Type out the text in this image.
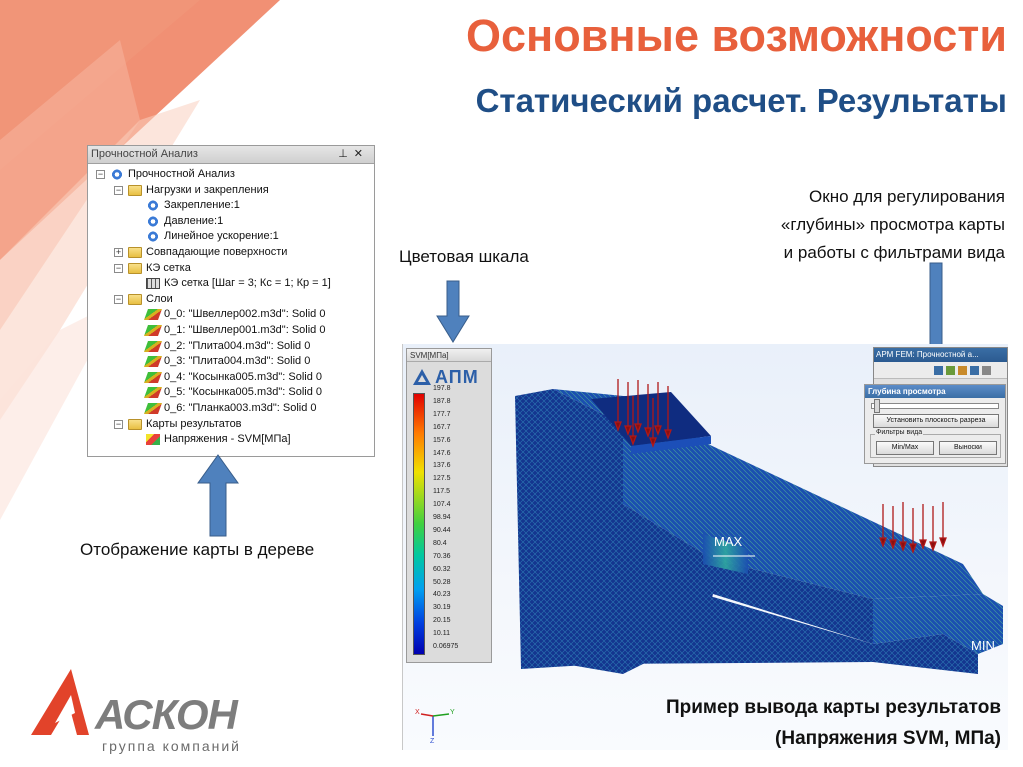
Основные возможности
Статический расчет. Результаты
Прочностной Анализ	⊥✕
− Прочностной Анализ
− Нагрузки и закрепления
Закрепление:1
Давление:1
Линейное ускорение:1
+ Совпадающие поверхности
− КЭ сетка
КЭ сетка [Шаг = 3; Кс = 1; Кр = 1]
− Слои
0_0: "Швеллер002.m3d": Solid 0
0_1: "Швеллер001.m3d": Solid 0
0_2: "Плита004.m3d": Solid 0
0_3: "Плита004.m3d": Solid 0
0_4: "Косынка005.m3d": Solid 0
0_5: "Косынка005.m3d": Solid 0
0_6: "Планка003.m3d": Solid 0
− Карты результатов
Напряжения - SVM[МПа]
Отображение карты в дереве
Цветовая шкала
Окно для регулирования
«глубины» просмотра карты
и работы с фильтрами вида
MAX
MIN
X	Y
Z
SVM[МПа]
АПМ
197.8
187.8
177.7
167.7
157.6
147.6
137.6
127.5
117.5
107.4
98.94
90.44
80.4
70.36
60.32
50.28
40.23
30.19
20.15
10.11
0.06975
APM FEM: Прочностной а...
Глубина просмотра
Установить плоскость разреза
Фильтры вида
Min/Max	Выноски
Пример вывода карты результатов
(Напряжения SVM, МПа)
АСКОН
группа компаний
